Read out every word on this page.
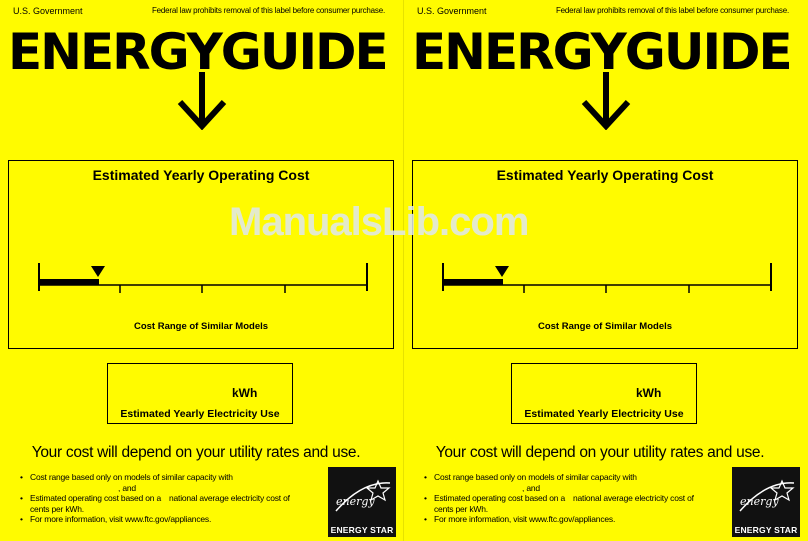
U.S. Government	Federal law prohibits removal of this label before consumer purchase.
ENERGYGUIDE
Estimated Yearly Operating Cost
Cost Range of Similar Models
kWh
Estimated Yearly Electricity Use
Your cost will depend on your utility rates and use.
• Cost range based only on models of similar capacity with
, and
• Estimated operating cost based on a national average electricity cost of
cents per kWh.
• For more information, visit www.ftc.gov/appliances.
energy
ENERGY STAR
U.S. Government	Federal law prohibits removal of this label before consumer purchase.
ENERGYGUIDE
Estimated Yearly Operating Cost
Cost Range of Similar Models
kWh
Estimated Yearly Electricity Use
Your cost will depend on your utility rates and use.
• Cost range based only on models of similar capacity with
, and
• Estimated operating cost based on a national average electricity cost of
cents per kWh.
• For more information, visit www.ftc.gov/appliances.
energy
ENERGY STAR
ManualsLib.com
